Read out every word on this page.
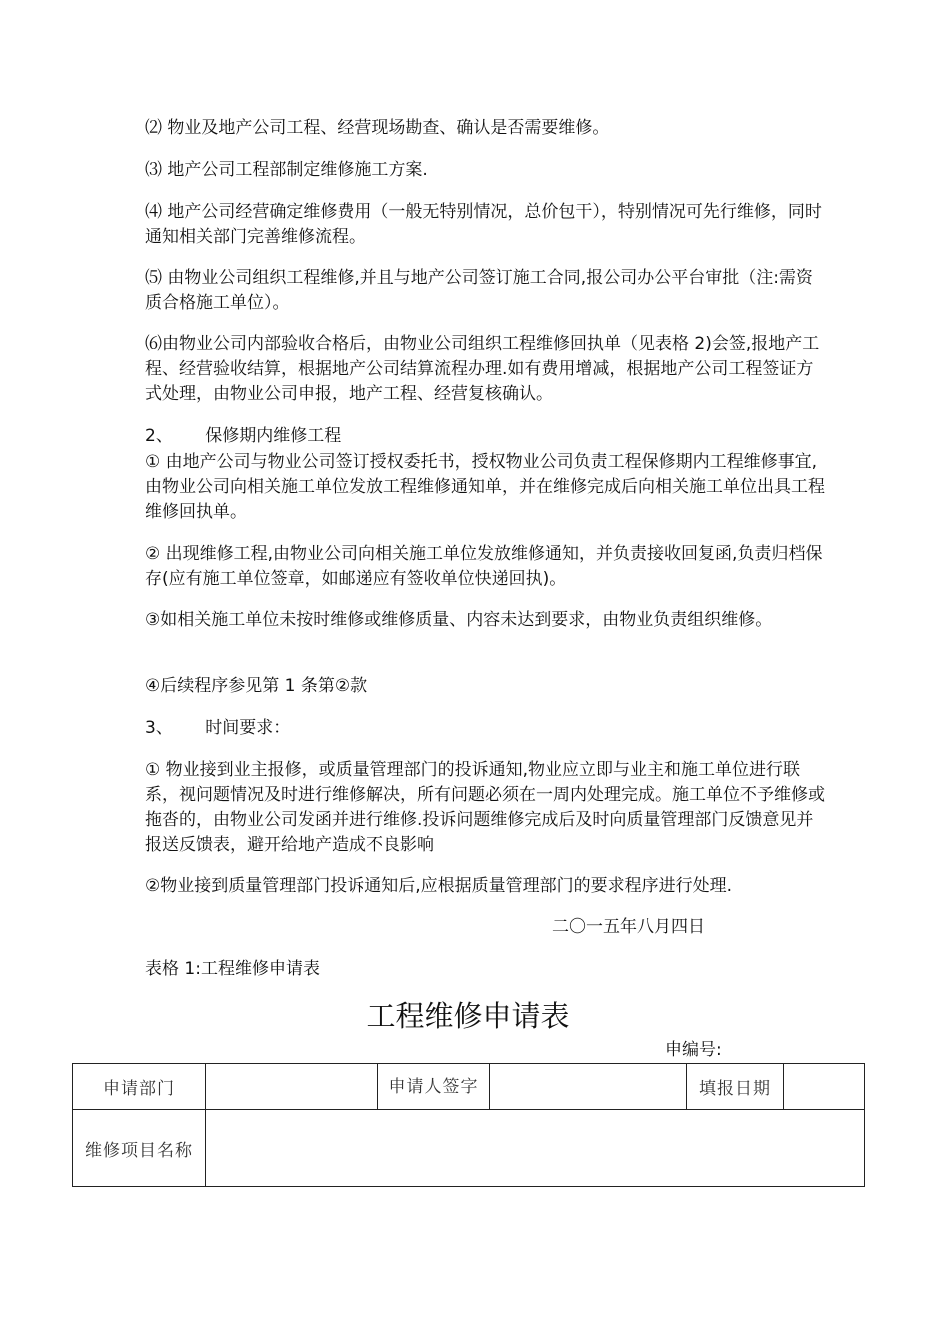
⑵ 物业及地产公司工程、经营现场勘查、确认是否需要维修。

⑶ 地产公司工程部制定维修施工方案.

⑷ 地产公司经营确定维修费用（一般无特别情况，总价包干），特别情况可先行维修，同时通知相关部门完善维修流程。

⑸ 由物业公司组织工程维修,并且与地产公司签订施工合同,报公司办公平台审批（注:需资质合格施工单位）。

⑹由物业公司内部验收合格后，由物业公司组织工程维修回执单（见表格 2)会签,报地产工程、经营验收结算，根据地产公司结算流程办理.如有费用增减，根据地产公司工程签证方式处理，由物业公司申报，地产工程、经营复核确认。

2、      保修期内维修工程

① 由地产公司与物业公司签订授权委托书，授权物业公司负责工程保修期内工程维修事宜,由物业公司向相关施工单位发放工程维修通知单，并在维修完成后向相关施工单位出具工程维修回执单。

② 出现维修工程,由物业公司向相关施工单位发放维修通知，并负责接收回复函,负责归档保存(应有施工单位签章，如邮递应有签收单位快递回执)。

③如相关施工单位未按时维修或维修质量、内容未达到要求，由物业负责组织维修。

④后续程序参见第 1 条第②款

3、      时间要求：

① 物业接到业主报修，或质量管理部门的投诉通知,物业应立即与业主和施工单位进行联系，视问题情况及时进行维修解决，所有问题必须在一周内处理完成。施工单位不予维修或拖沓的，由物业公司发函并进行维修.投诉问题维修完成后及时向质量管理部门反馈意见并报送反馈表，避开给地产造成不良影响

②物业接到质量管理部门投诉通知后,应根据质量管理部门的要求程序进行处理.

二〇一五年八月四日
表格 1:工程维修申请表
工程维修申请表
申编号:
申请部门		申请人签字		填报日期	
维修项目名称					
